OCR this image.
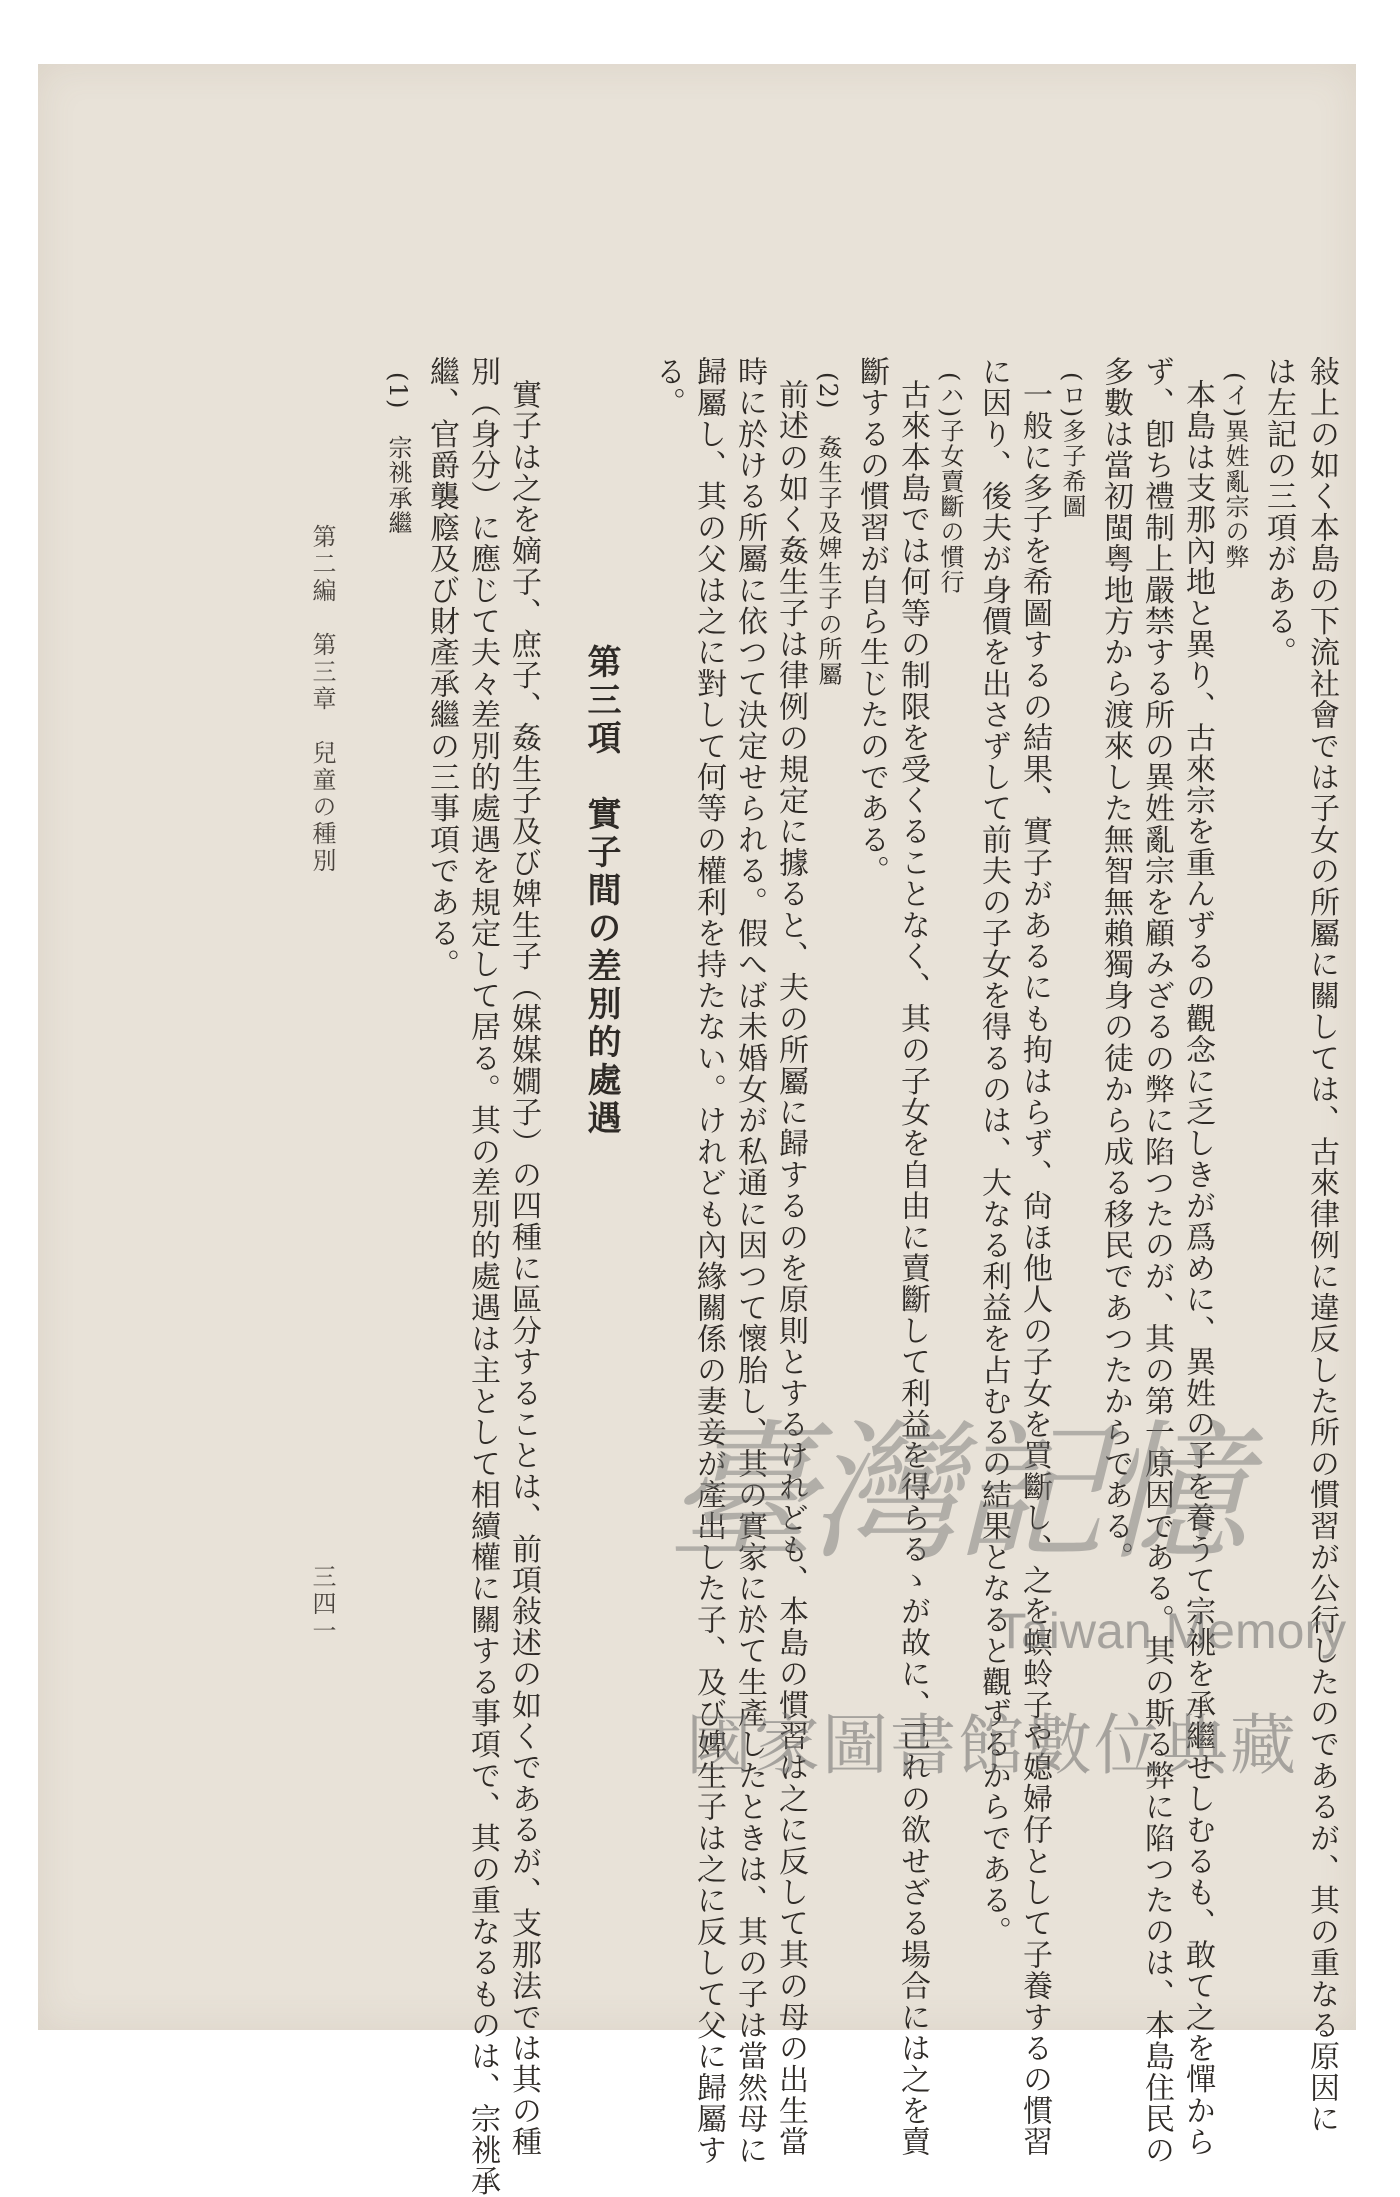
敍上の如く本島の下流社會では子女の所屬に關しては、古來律例に違反した所の慣習が公行したのであるが、其の重なる原因に
は左記の三項がある。
(イ)異姓亂宗の弊
本島は支那內地と異り、古來宗を重んずるの觀念に乏しきが爲めに、異姓の子を養うて宗祧を承繼せしむるも、敢て之を憚から
ず、卽ち禮制上嚴禁する所の異姓亂宗を顧みざるの弊に陷つたのが、其の第一原因である。其の斯る弊に陷つたのは、本島住民の
多數は當初閩粤地方から渡來した無智無賴獨身の徒から成る移民であつたからである。
(ロ)多子希圖
一般に多子を希圖するの結果、實子があるにも拘はらず、尙ほ他人の子女を買斷し、之を螟蛉子や媳婦仔として子養するの慣習
に因り、後夫が身價を出さずして前夫の子女を得るのは、大なる利益を占むるの結果となると觀ずるからである。
(ハ)子女賣斷の慣行
古來本島では何等の制限を受くることなく、其の子女を自由に賣斷して利益を得らるゝが故に、己れの欲せざる場合には之を賣
斷するの慣習が自ら生じたのである。
(2)　姦生子及婢生子の所屬
前述の如く姦生子は律例の規定に據ると、夫の所屬に歸するのを原則とするけれども、本島の慣習は之に反して其の母の出生當
時に於ける所屬に依つて決定せられる。假へば未婚女が私通に因つて懷胎し、其の實家に於て生產したときは、其の子は當然母に
歸屬し、其の父は之に對して何等の權利を持たない。けれども內緣關係の妻妾が產出した子、及び婢生子は之に反して父に歸屬す
る。
第三項　實子間の差別的處遇
實子は之を嫡子、庶子、姦生子及び婢生子（媒媒嫺子）の四種に區分することは、前項敍述の如くであるが、支那法では其の種
別（身分）に應じて夫々差別的處遇を規定して居る。其の差別的處遇は主として相續權に關する事項で、其の重なるものは、宗祧承
繼、官爵襲廕及び財產承繼の三事項である。
(1)　宗祧承繼
第二編　第三章　兒童の種別
三四一
臺灣記憶
Taiwan Memory
國家圖書館數位典藏
